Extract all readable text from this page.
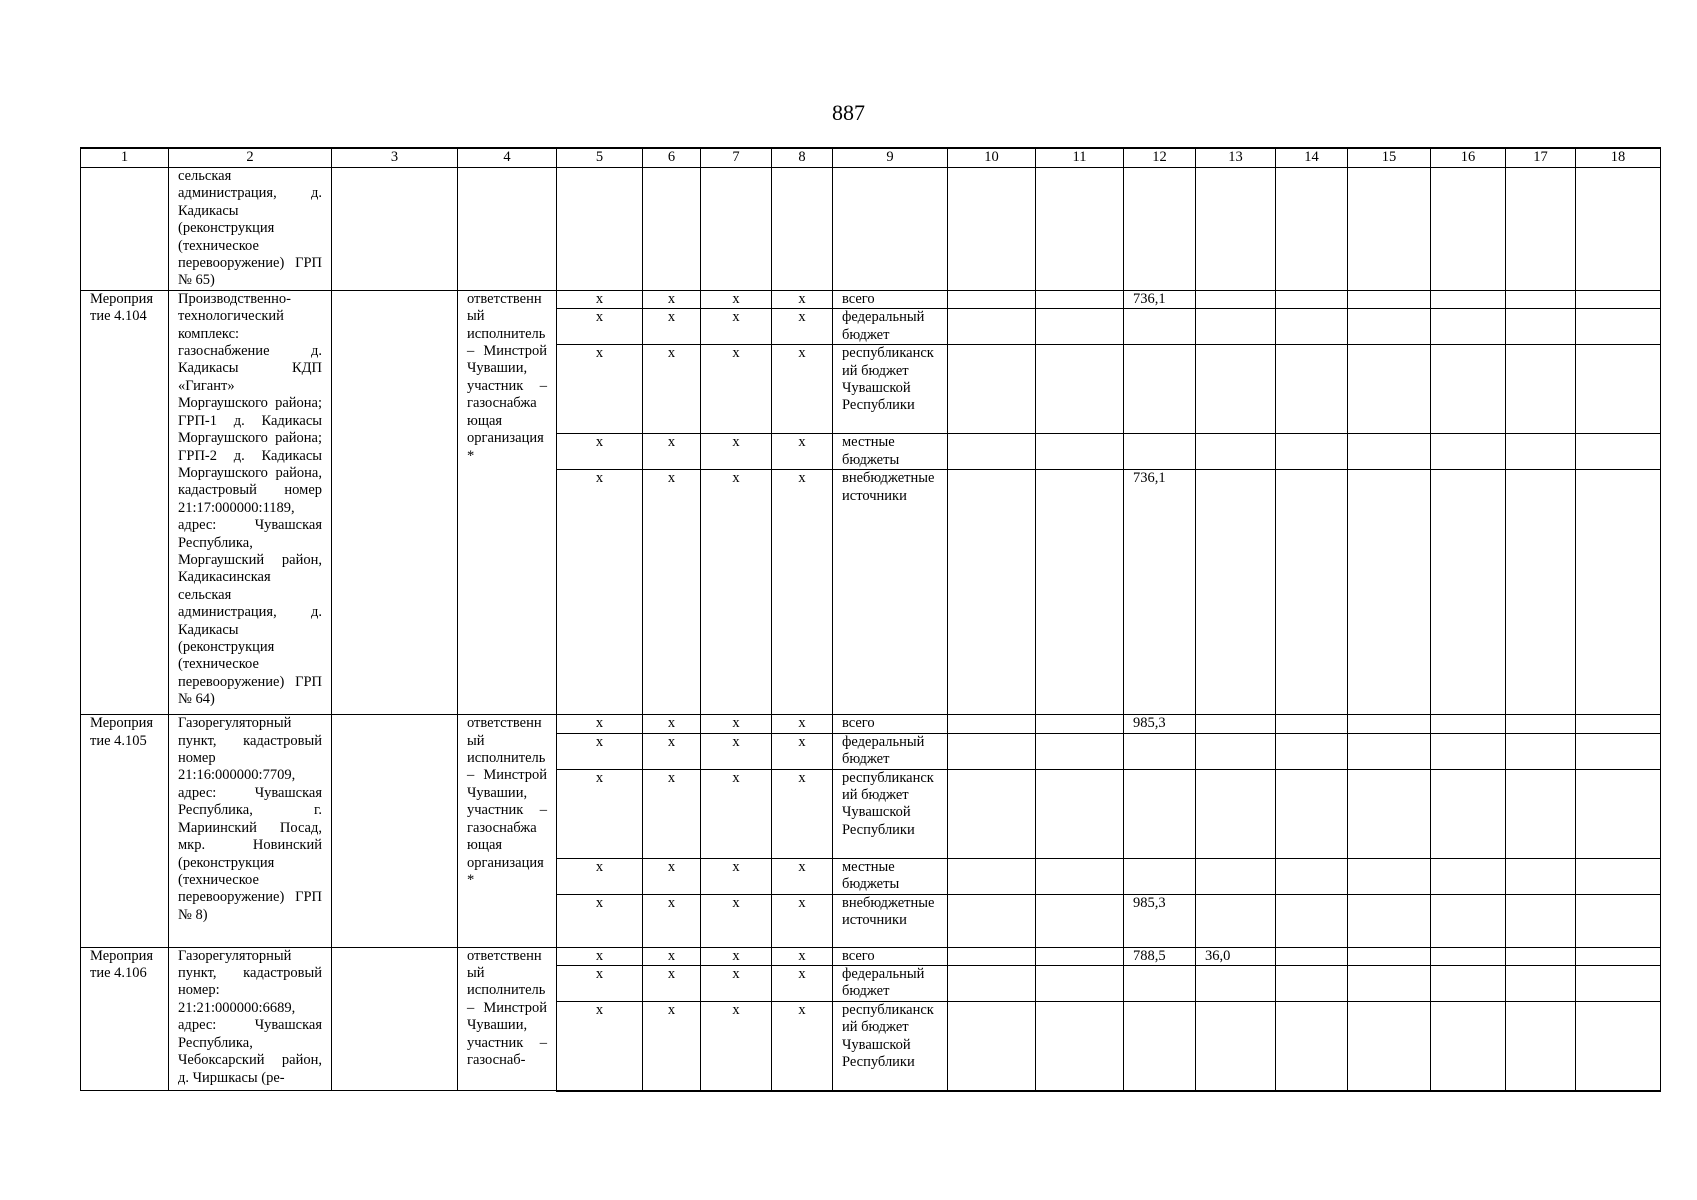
887
1	2	3	4	5	6	7	8	9	10	11	12	13	14	15	16	17	18
	сельская администрация, д. Кадикасы (реконструкция (техническое перевооружение) ГРП № 65)																
Мероприятие 4.104	Производственно-технологический комплекс: газоснабжение д. Кадикасы КДП «Гигант» Моргаушского района; ГРП-1 д. Кадикасы Моргаушского района; ГРП-2 д. Кадикасы Моргаушского района, кадастровый номер 21:17:000000:1189, адрес: Чувашская Республика, Моргаушский район, Кадикасинская сельская администрация, д. Кадикасы (реконструкция (техническое перевооружение) ГРП № 64)		ответственный исполнитель – Минстрой Чувашии, участник – газоснабжающая организация*	х	х	х	х	всего			736,1						
				х	х	х	х	федеральный бюджет									
				х	х	х	х	республиканский бюджет Чувашской Республики									
				х	х	х	х	местные бюджеты									
				х	х	х	х	внебюджетные источники			736,1						
Мероприятие 4.105	Газорегуляторный пункт, кадастровый номер 21:16:000000:7709, адрес: Чувашская Республика, г. Мариинский Посад, мкр. Новинский (реконструкция (техническое перевооружение) ГРП № 8)		ответственный исполнитель – Минстрой Чувашии, участник – газоснабжающая организация*	х	х	х	х	всего			985,3						
				х	х	х	х	федеральный бюджет									
				х	х	х	х	республиканский бюджет Чувашской Республики									
				х	х	х	х	местные бюджеты									
				х	х	х	х	внебюджетные источники			985,3						
Мероприятие 4.106	Газорегуляторный пункт, кадастровый номер: 21:21:000000:6689, адрес: Чувашская Республика, Чебоксарский район, д. Чиршкасы (ре-		ответственный исполнитель – Минстрой Чувашии, участник – газоснаб-	х	х	х	х	всего			788,5	36,0					
				х	х	х	х	федеральный бюджет									
				х	х	х	х	республиканский бюджет Чувашской Республики									
